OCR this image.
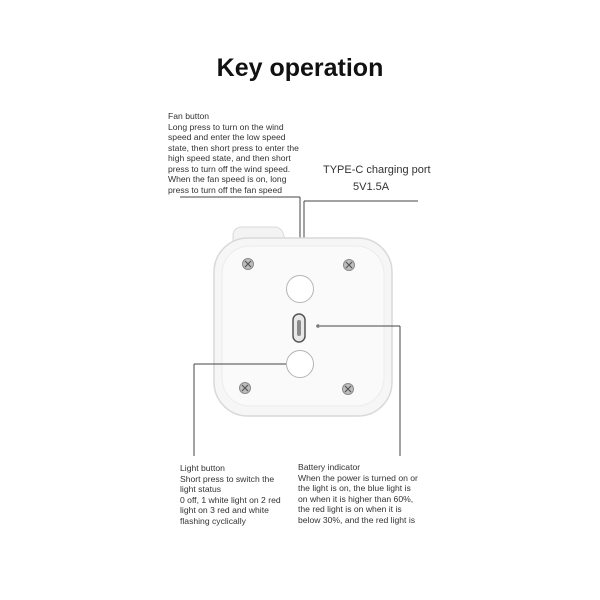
Key operation
Fan button
Long press to turn on the wind
speed and enter the low speed
state, then short press to enter the
high speed state, and then short
press to turn off the wind speed.
When the fan speed is on, long
press to turn off the fan speed
TYPE-C charging port
5V1.5A
Light button
Short press to switch the
light status
0 off, 1 white light on 2 red
light on 3 red and white
flashing cyclically
Battery indicator
When the power is turned on or
the light is on, the blue light is
on when it is higher than 60%,
the red light is on when it is
below 30%, and the red light is
